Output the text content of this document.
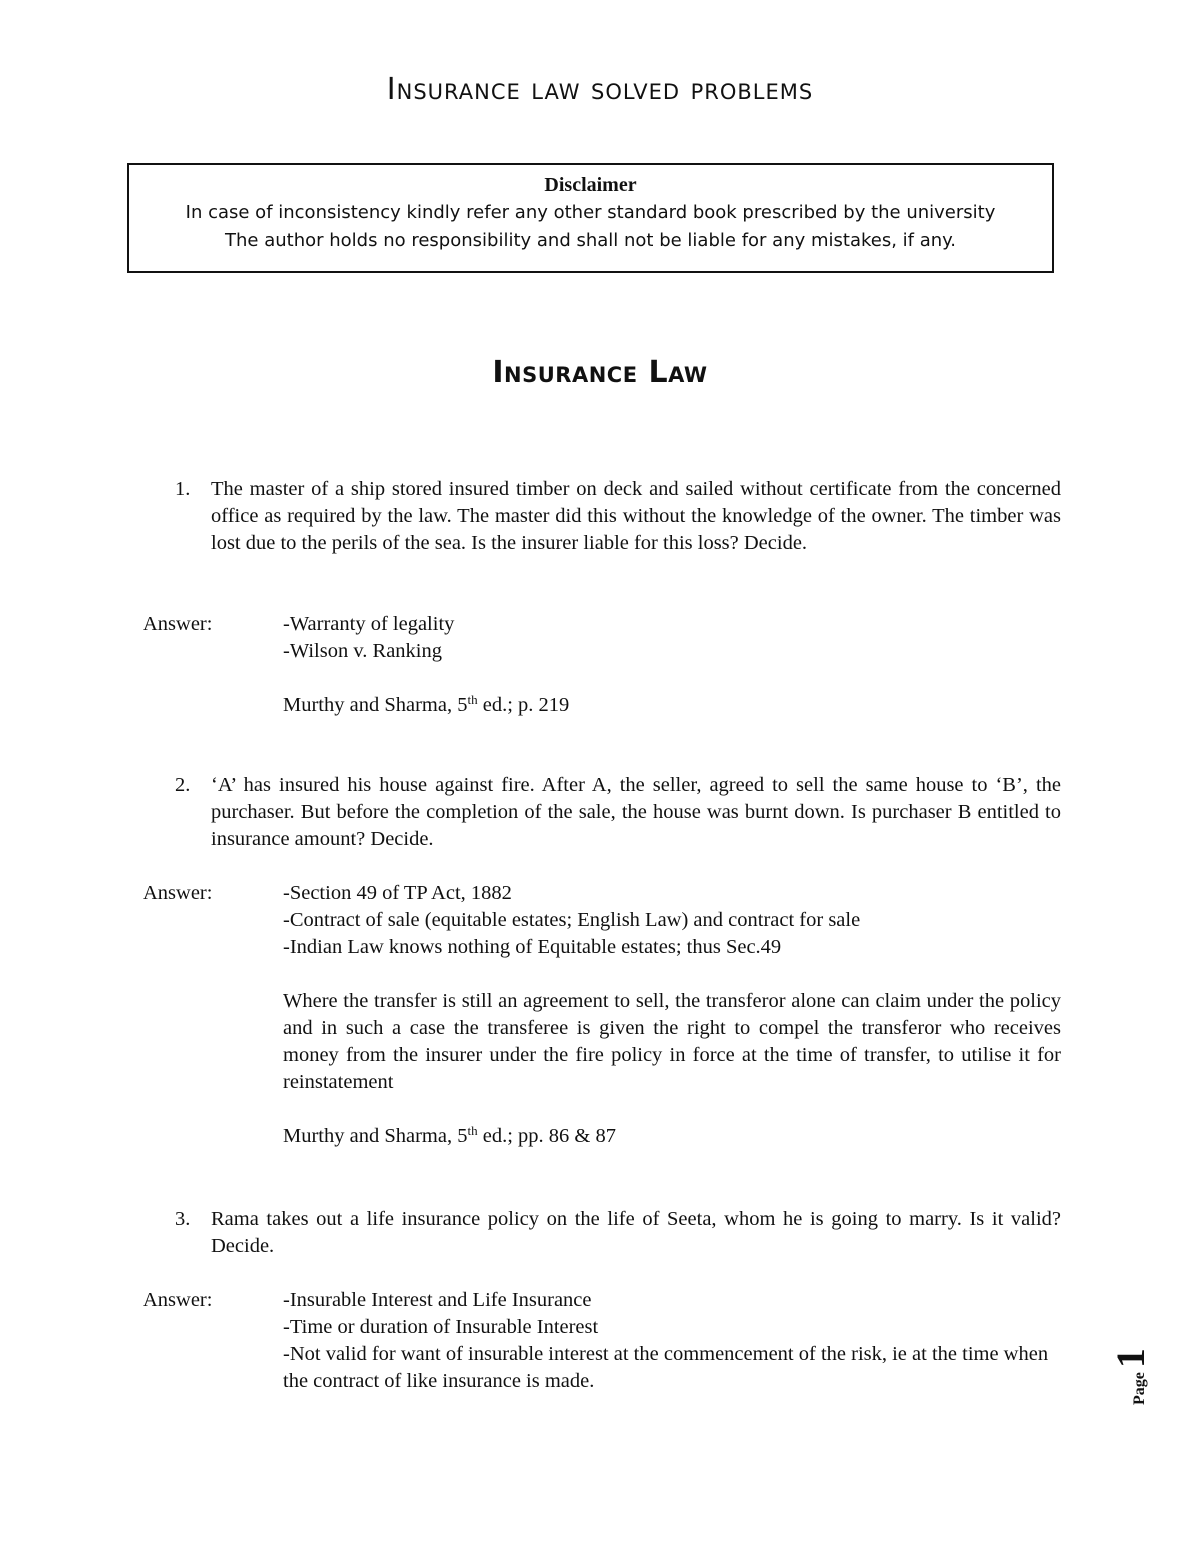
Insurance law solved problems
Disclaimer
In case of inconsistency kindly refer any other standard book prescribed by the university
The author holds no responsibility and shall not be liable for any mistakes, if any.
Insurance Law
1. The master of a ship stored insured timber on deck and sailed without certificate from the concerned office as required by the law. The master did this without the knowledge of the owner. The timber was lost due to the perils of the sea. Is the insurer liable for this loss? Decide.
Answer:	-Warranty of legality

-Wilson v. Ranking

Murthy and Sharma, 5th ed.; p. 219

2. ‘A’ has insured his house against fire. After A, the seller, agreed to sell the same house to ‘B’, the purchaser. But before the completion of the sale, the house was burnt down. Is purchaser B entitled to insurance amount? Decide.
Answer:	-Section 49 of TP Act, 1882

-Contract of sale (equitable estates; English Law) and contract for sale

-Indian Law knows nothing of Equitable estates; thus Sec.49

Where the transfer is still an agreement to sell, the transferor alone can claim under the policy and in such a case the transferee is given the right to compel the transferor who receives money from the insurer under the fire policy in force at the time of transfer, to utilise it for reinstatement

Murthy and Sharma, 5th ed.; pp. 86 & 87

3. Rama takes out a life insurance policy on the life of Seeta, whom he is going to marry. Is it valid? Decide.
Answer:	-Insurable Interest and Life Insurance

-Time or duration of Insurable Interest

-Not valid for want of insurable interest at the commencement of the risk, ie at the time when the contract of like insurance is made.	Page1
